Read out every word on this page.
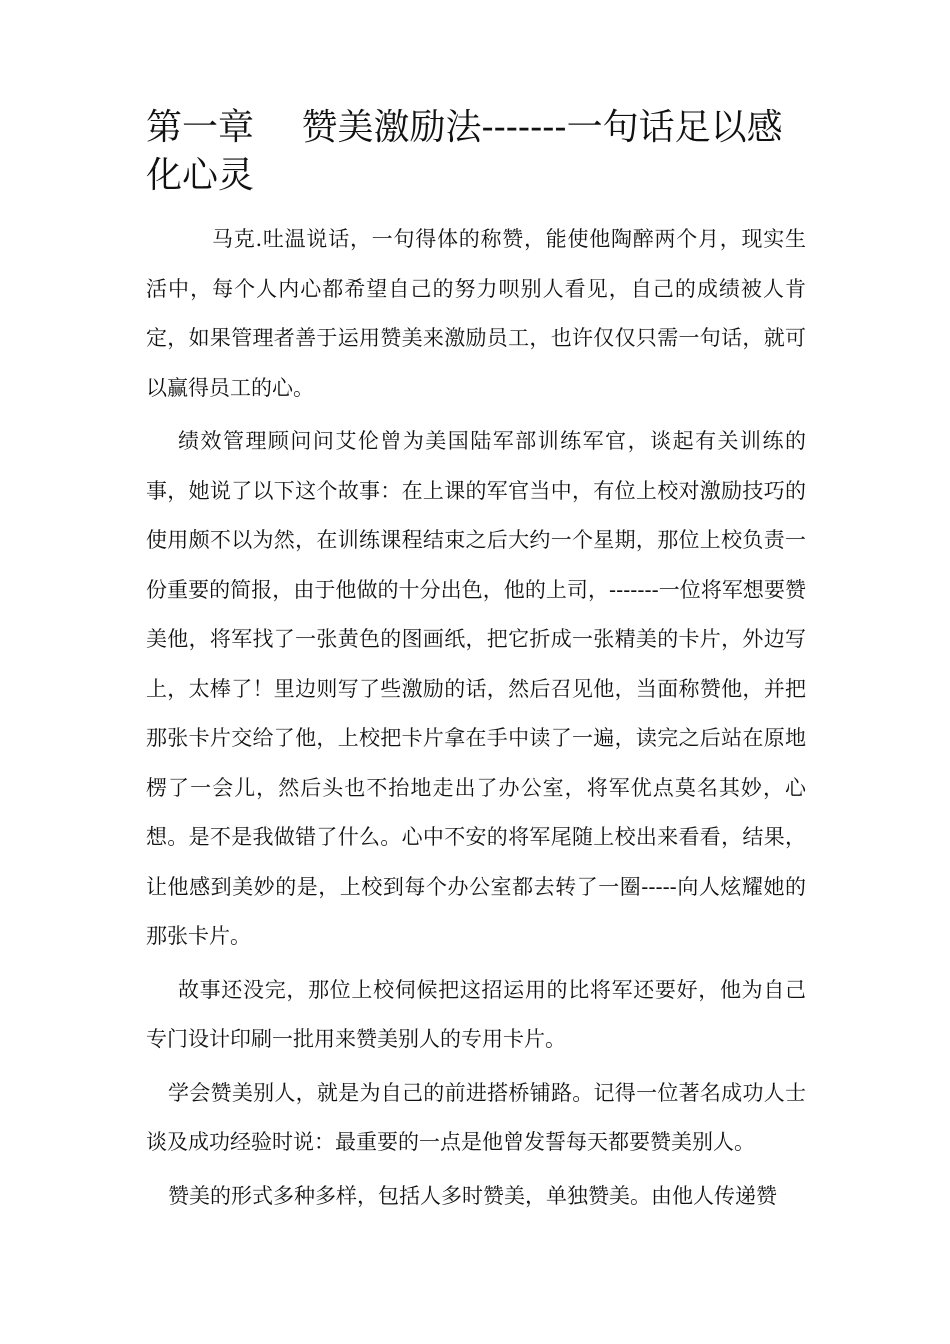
第一章　 赞美激励法-------一句话足以感化心灵

马克.吐温说话，一句得体的称赞，能使他陶醉两个月，现实生活中，每个人内心都希望自己的努力呗别人看见，自己的成绩被人肯定，如果管理者善于运用赞美来激励员工，也许仅仅只需一句话，就可以赢得员工的心。

绩效管理顾问问艾伦曾为美国陆军部训练军官，谈起有关训练的事，她说了以下这个故事：在上课的军官当中，有位上校对激励技巧的使用颇不以为然，在训练课程结束之后大约一个星期，那位上校负责一份重要的简报，由于他做的十分出色，他的上司，-------一位将军想要赞美他，将军找了一张黄色的图画纸，把它折成一张精美的卡片，外边写上，太棒了！里边则写了些激励的话，然后召见他，当面称赞他，并把那张卡片交给了他，上校把卡片拿在手中读了一遍，读完之后站在原地楞了一会儿，然后头也不抬地走出了办公室，将军优点莫名其妙，心想。是不是我做错了什么。心中不安的将军尾随上校出来看看，结果，让他感到美妙的是，上校到每个办公室都去转了一圈-----向人炫耀她的那张卡片。

故事还没完，那位上校伺候把这招运用的比将军还要好，他为自己专门设计印刷一批用来赞美别人的专用卡片。

学会赞美别人，就是为自己的前进搭桥铺路。记得一位著名成功人士谈及成功经验时说：最重要的一点是他曾发誓每天都要赞美别人。

赞美的形式多种多样，包括人多时赞美，单独赞美。由他人传递赞
